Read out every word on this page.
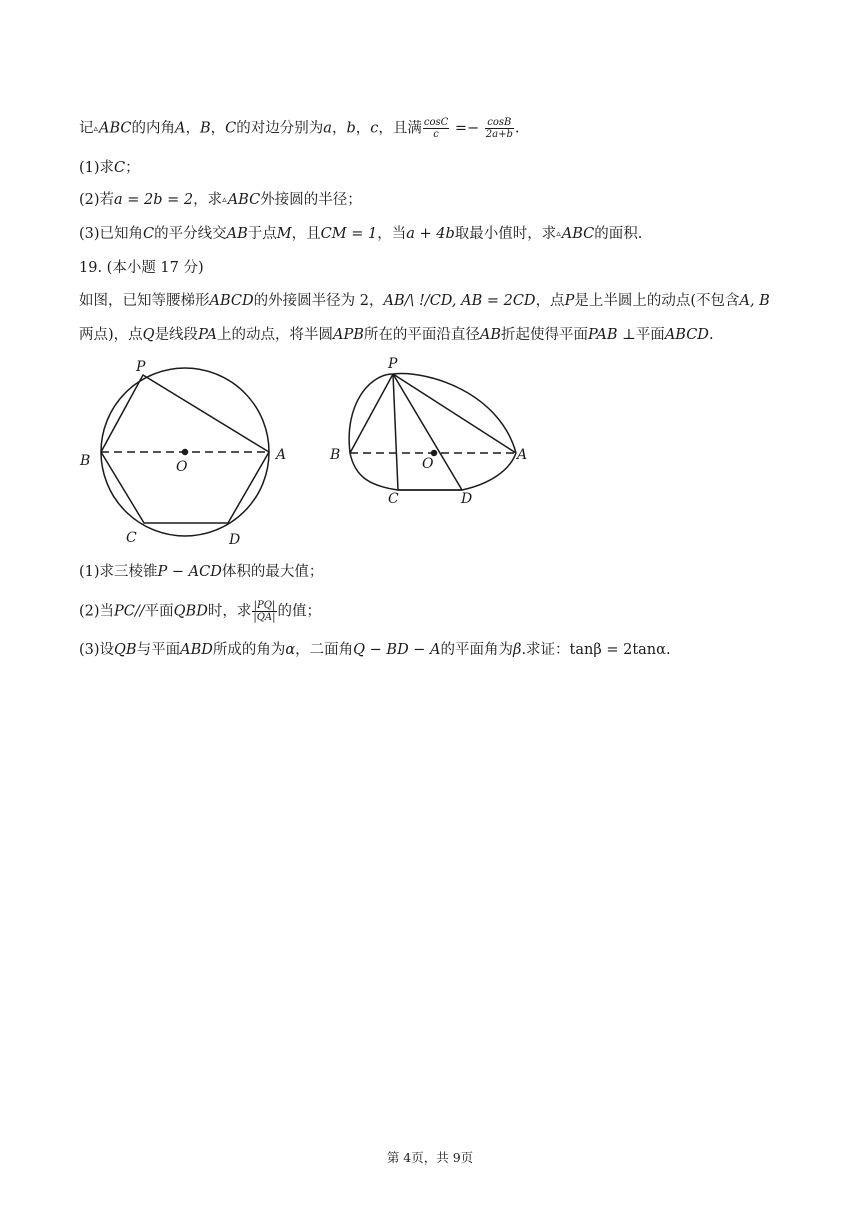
记▵ABC的内角A，B，C的对边分别为a，b，c，且满 $\frac{\cos C}{c} =- \frac{\cos B}{2a+b}$ .
(1)求C；
(2)若a = 2b = 2，求▵ABC外接圆的半径；
(3)已知角C的平分线交AB于点M，且CM = 1，当a + 4b取最小值时，求▵ABC的面积.
19. (本小题 17 分)
如图，已知等腰梯形ABCD的外接圆半径为 2，AB/\ !/CD, AB = 2CD，点P是上半圆上的动点(不包含A, B
两点)，点Q是线段PA上的动点，将半圆APB所在的平面沿直径AB折起使得平面PAB ⊥平面ABCD.
P
B	O
A
C	D
P
B
O
A
C	D
(1)求三棱锥P − ACD体积的最大值；
(2)当PC//平面QBD时，求 $\frac{|PQ|}{|QA|}$ 的值；
(3)设QB与平面ABD所成的角为α，二面角Q − BD − A的平面角为β.求证：tanβ = 2tanα.
第 4页，共 9页
